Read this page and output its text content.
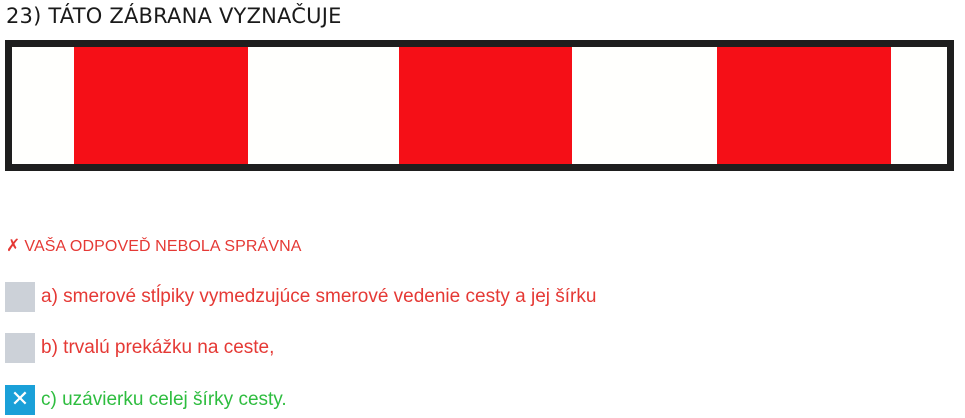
23) TÁTO ZÁBRANA VYZNAČUJE
✗ VAŠA ODPOVEĎ NEBOLA SPRÁVNA
a) smerové stĺpiky vymedzujúce smerové vedenie cesty a jej šírku
b) trvalú prekážku na ceste,
✕ c) uzávierku celej šírky cesty.
